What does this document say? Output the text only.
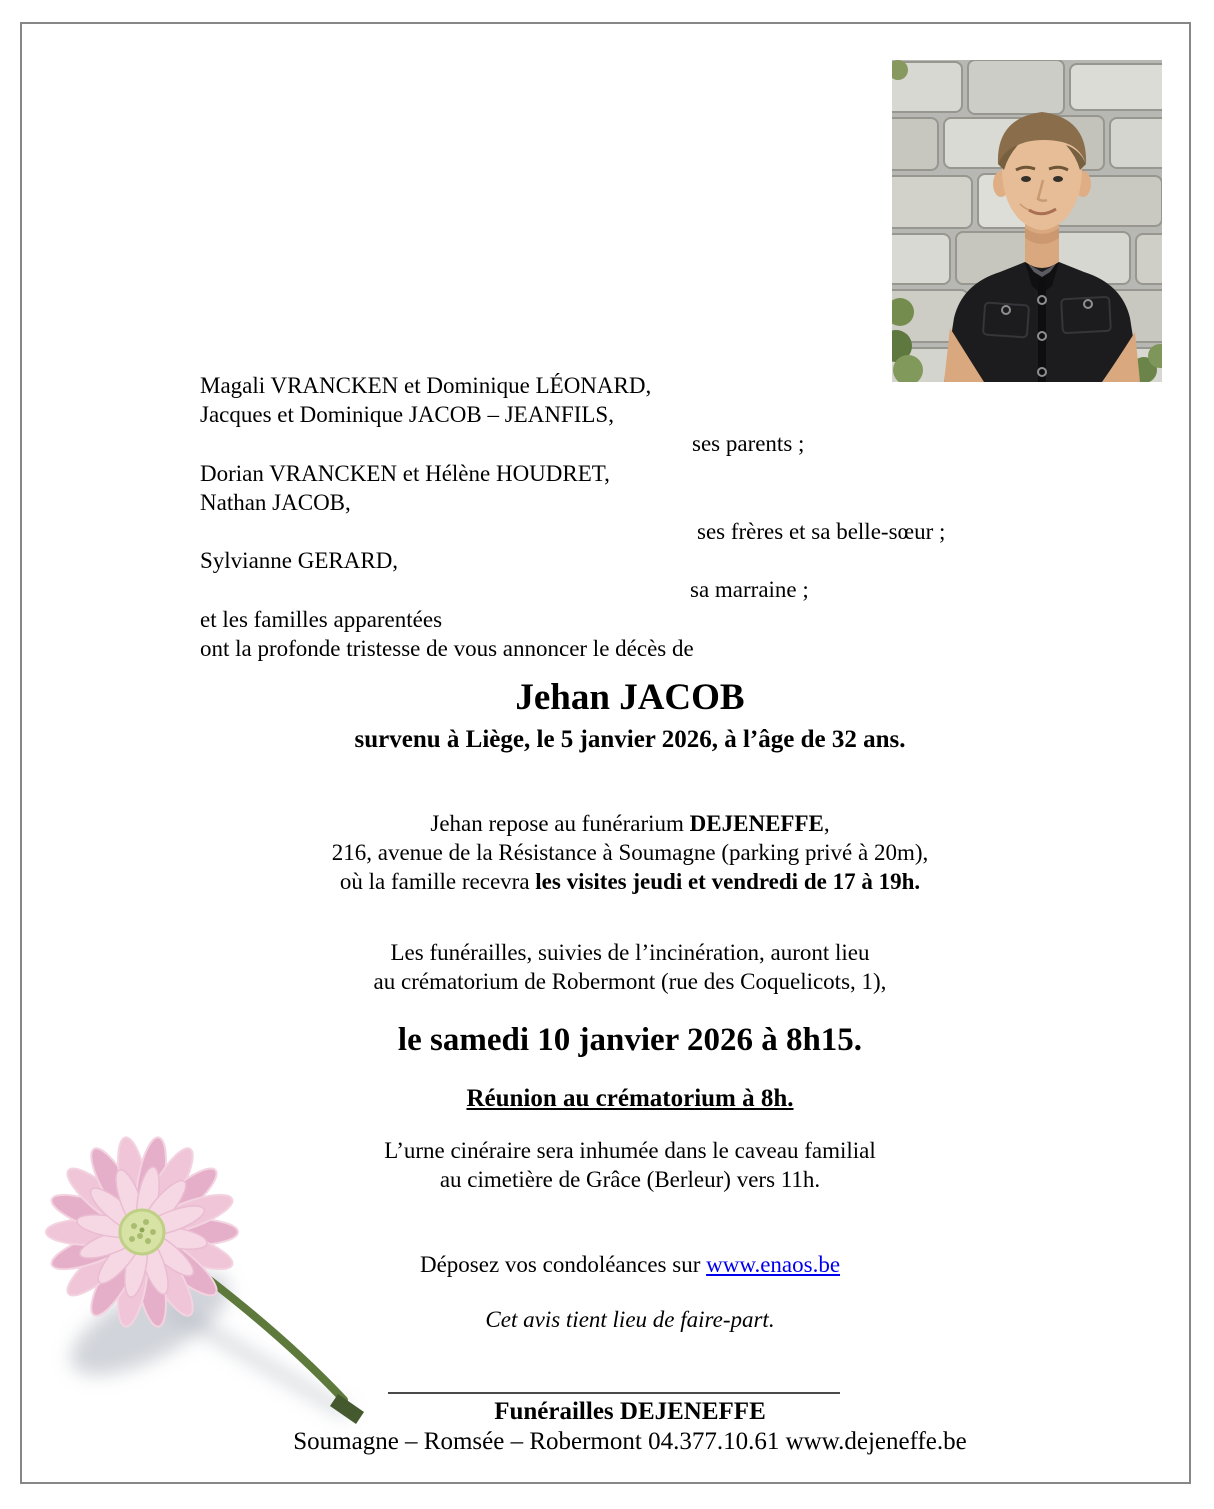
Magali VRANCKEN et Dominique LÉONARD,
Jacques et Dominique JACOB – JEANFILS,
ses parents ;
Dorian VRANCKEN et Hélène HOUDRET,
Nathan JACOB,
ses frères et sa belle-sœur ;
Sylvianne GERARD,
sa marraine ;
et les familles apparentées
ont la profonde tristesse de vous annoncer le décès de
Jehan JACOB
survenu à Liège, le 5 janvier 2026, à l’âge de 32 ans.
Jehan repose au funérarium DEJENEFFE,
216, avenue de la Résistance à Soumagne (parking privé à 20m),
où la famille recevra les visites jeudi et vendredi de 17 à 19h.
Les funérailles, suivies de l’incinération, auront lieu
au crématorium de Robermont (rue des Coquelicots, 1),
le samedi 10 janvier 2026 à 8h15.
Réunion au crématorium à 8h.
L’urne cinéraire sera inhumée dans le caveau familial
au cimetière de Grâce (Berleur) vers 11h.
Déposez vos condoléances sur www.enaos.be
Cet avis tient lieu de faire-part.
Funérailles DEJENEFFE
Soumagne – Romsée – Robermont 04.377.10.61 www.dejeneffe.be
